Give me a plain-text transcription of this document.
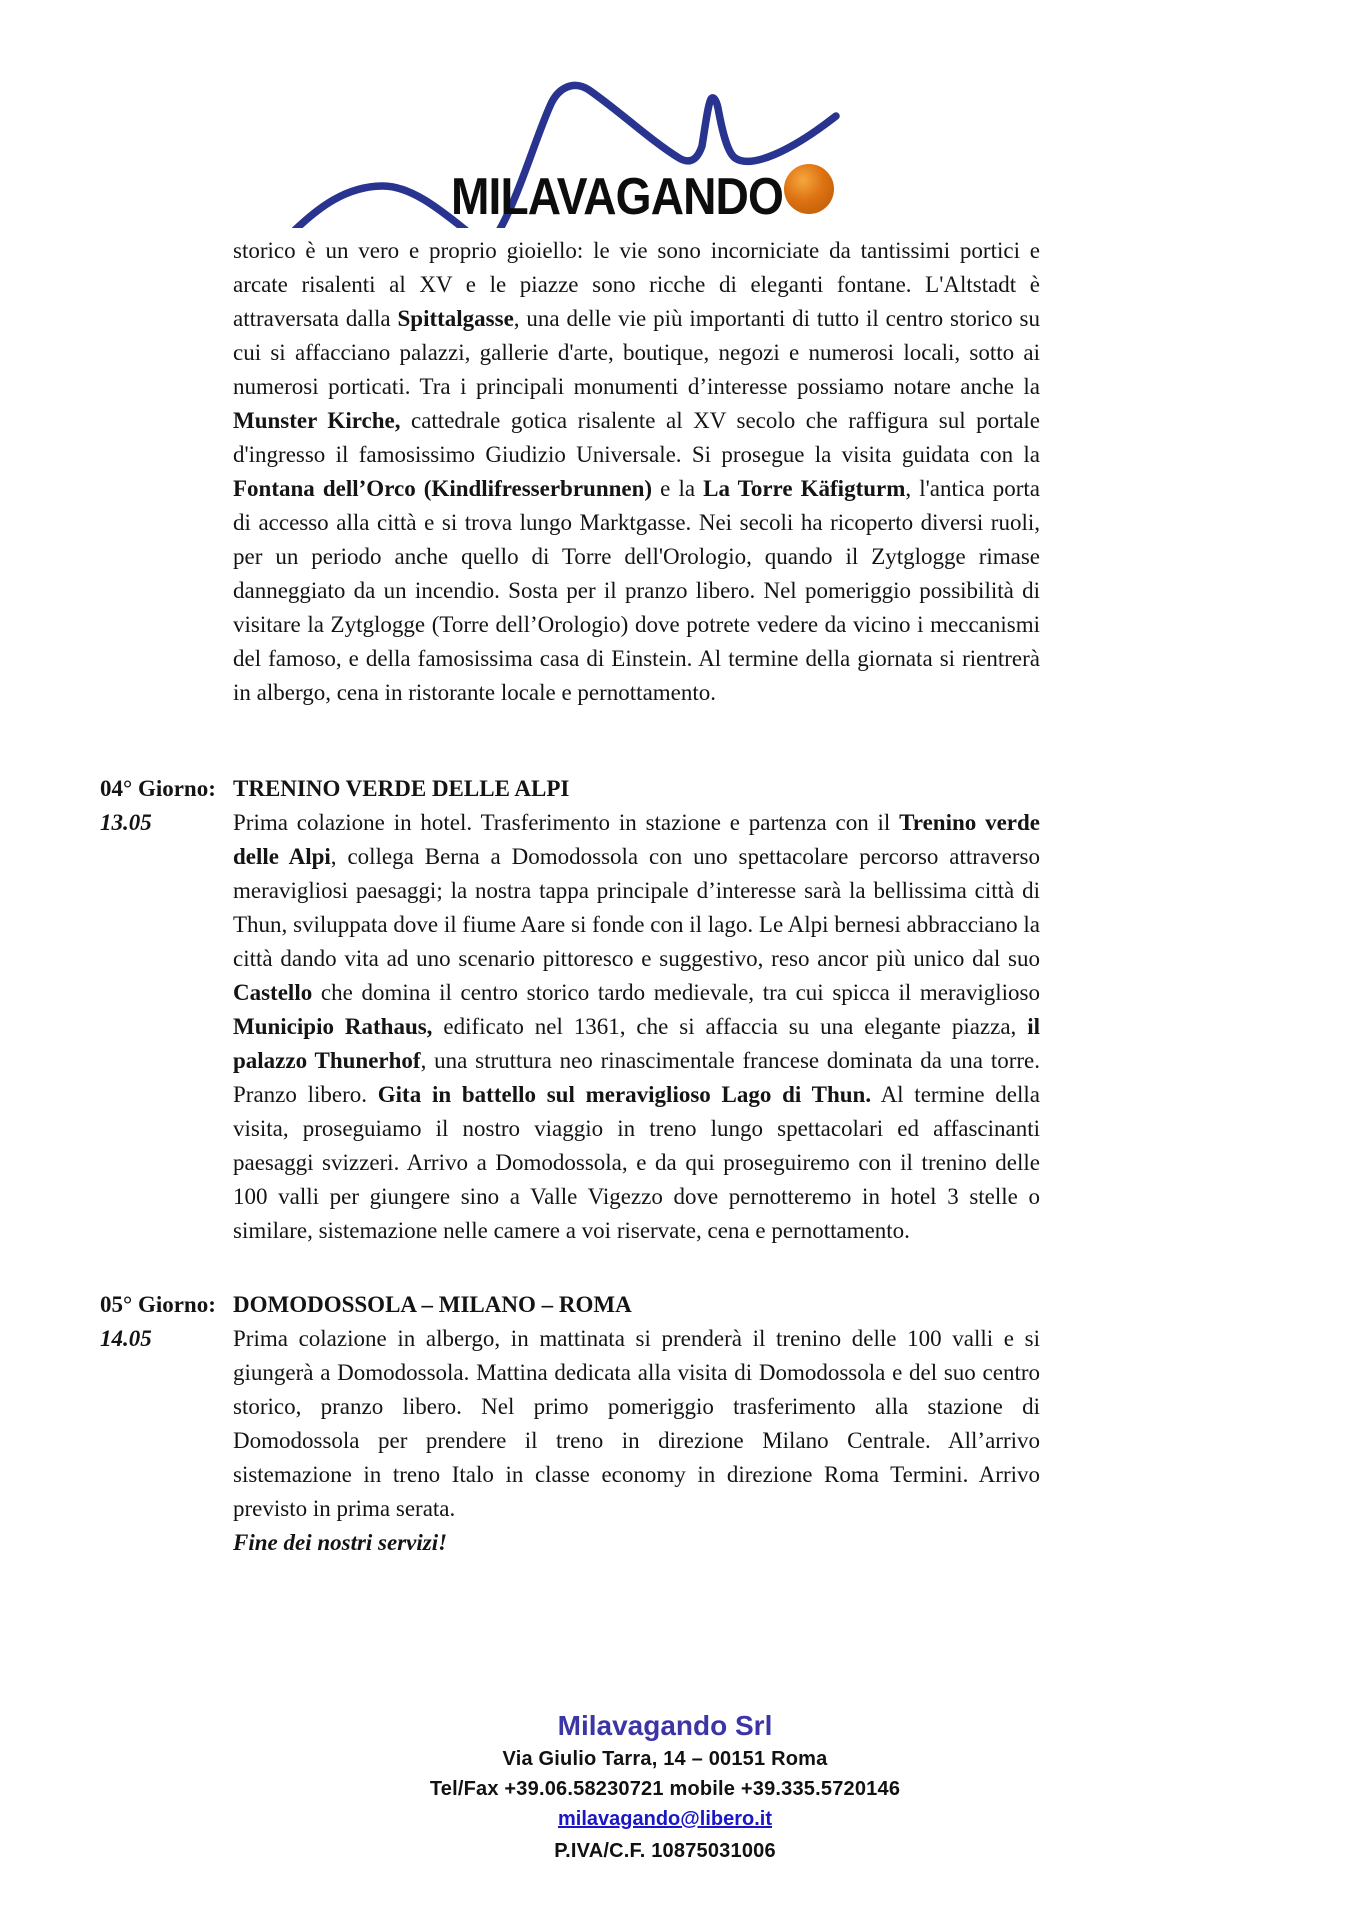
MILAVAGANDO

storico è un vero e proprio gioiello: le vie sono incorniciate da tantissimi portici e arcate risalenti al XV e le piazze sono ricche di eleganti fontane. L'Altstadt è attraversata dalla Spittalgasse, una delle vie più importanti di tutto il centro storico su cui si affacciano palazzi, gallerie d'arte, boutique, negozi e numerosi locali, sotto ai numerosi porticati. Tra i principali monumenti d’interesse possiamo notare anche la Munster Kirche, cattedrale gotica risalente al XV secolo che raffigura sul portale d'ingresso il famosissimo Giudizio Universale. Si prosegue la visita guidata con la Fontana dell’Orco (Kindlifresserbrunnen) e la La Torre Käfigturm, l'antica porta di accesso alla città e si trova lungo Marktgasse. Nei secoli ha ricoperto diversi ruoli, per un periodo anche quello di Torre dell'Orologio, quando il Zytglogge rimase danneggiato da un incendio. Sosta per il pranzo libero. Nel pomeriggio possibilità di visitare la Zytglogge (Torre dell’Orologio) dove potrete vedere da vicino i meccanismi del famoso, e della famosissima casa di Einstein. Al termine della giornata si rientrerà in albergo, cena in ristorante locale e pernottamento.

04° Giorno:
13.05
TRENINO VERDE DELLE ALPI

Prima colazione in hotel. Trasferimento in stazione e partenza con il Trenino verde delle Alpi, collega Berna a Domodossola con uno spettacolare percorso attraverso meravigliosi paesaggi; la nostra tappa principale d’interesse sarà la bellissima città di Thun, sviluppata dove il fiume Aare si fonde con il lago. Le Alpi bernesi abbracciano la città dando vita ad uno scenario pittoresco e suggestivo, reso ancor più unico dal suo Castello che domina il centro storico tardo medievale, tra cui spicca il meraviglioso Municipio Rathaus, edificato nel 1361, che si affaccia su una elegante piazza, il palazzo Thunerhof, una struttura neo rinascimentale francese dominata da una torre. Pranzo libero. Gita in battello sul meraviglioso Lago di Thun. Al termine della visita, proseguiamo il nostro viaggio in treno lungo spettacolari ed affascinanti paesaggi svizzeri. Arrivo a Domodossola, e da qui proseguiremo con il trenino delle 100 valli per giungere sino a Valle Vigezzo dove pernotteremo in hotel 3 stelle o similare, sistemazione nelle camere a voi riservate, cena e pernottamento.

05° Giorno:
14.05
DOMODOSSOLA – MILANO – ROMA

Prima colazione in albergo, in mattinata si prenderà il trenino delle 100 valli e si giungerà a Domodossola. Mattina dedicata alla visita di Domodossola e del suo centro storico, pranzo libero. Nel primo pomeriggio trasferimento alla stazione di Domodossola per prendere il treno in direzione Milano Centrale. All’arrivo sistemazione in treno Italo in classe economy in direzione Roma Termini. Arrivo previsto in prima serata.

Fine dei nostri servizi!

Milavagando Srl
Via Giulio Tarra, 14 – 00151 Roma
Tel/Fax +39.06.58230721 mobile +39.335.5720146
milavagando@libero.it
P.IVA/C.F. 10875031006
